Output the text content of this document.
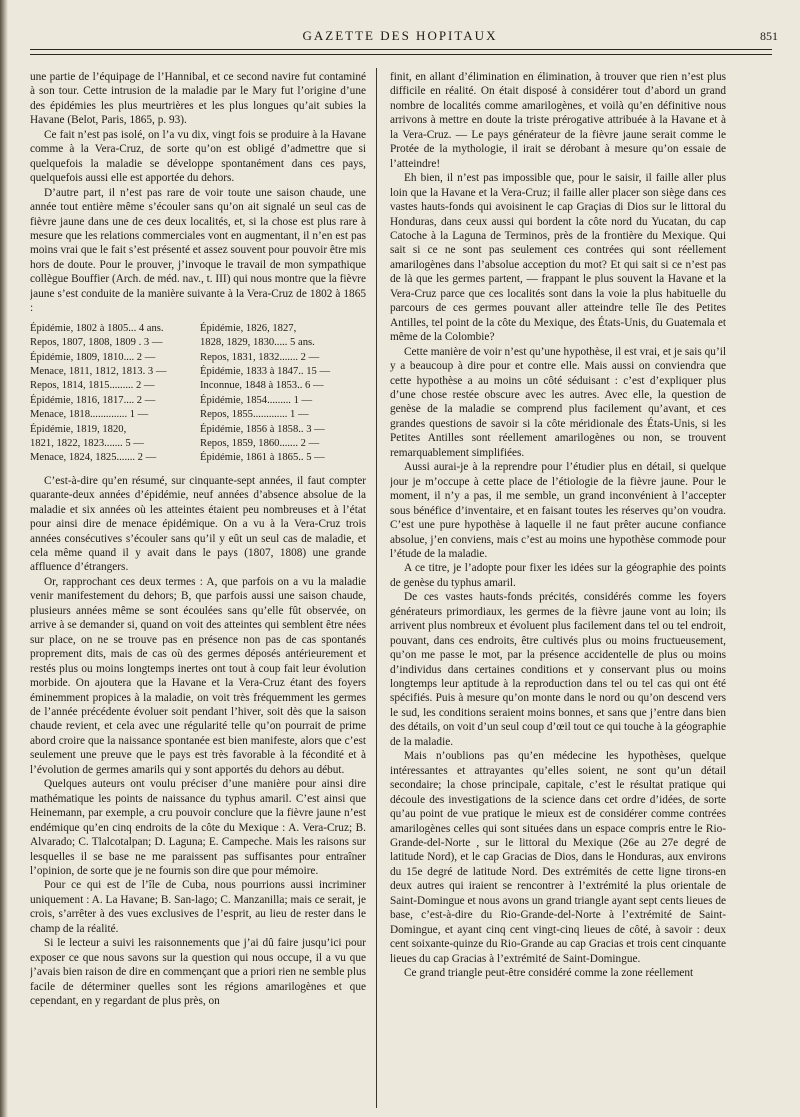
GAZETTE DES HOPITAUX	851

une partie de l’équipage de l’Hannibal, et ce second navire fut contaminé à son tour. Cette intrusion de la maladie par le Mary fut l’origine d’une des épidémies les plus meurtrières et les plus longues qu’ait subies la Havane (Belot, Paris, 1865, p. 93).

Ce fait n’est pas isolé, on l’a vu dix, vingt fois se produire à la Havane comme à la Vera-Cruz, de sorte qu’on est obligé d’admettre que si quelquefois la maladie se développe spontanément dans ces pays, quelquefois aussi elle est apportée du dehors.

D’autre part, il n’est pas rare de voir toute une saison chaude, une année tout entière même s’écouler sans qu’on ait signalé un seul cas de fièvre jaune dans une de ces deux localités, et, si la chose est plus rare à mesure que les relations commerciales vont en augmentant, il n’en est pas moins vrai que le fait s’est présenté et assez souvent pour pouvoir être mis hors de doute. Pour le prouver, j’invoque le travail de mon sympathique collègue Bouffier (Arch. de méd. nav., t. III) qui nous montre que la fièvre jaune s’est conduite de la manière suivante à la Vera-Cruz de 1802 à 1865 :

Épidémie, 1802 à 1805... 4 ans.
Repos, 1807, 1808, 1809 . 3 —
Épidémie, 1809, 1810.... 2 —
Menace, 1811, 1812, 1813. 3 —
Repos, 1814, 1815......... 2 —
Épidémie, 1816, 1817.... 2 —
Menace, 1818.............. 1 —
Épidémie, 1819, 1820,
1821, 1822, 1823....... 5 —
Menace, 1824, 1825....... 2 —
Épidémie, 1826, 1827,
1828, 1829, 1830..... 5 ans.
Repos, 1831, 1832....... 2 —
Épidémie, 1833 à 1847.. 15 —
Inconnue, 1848 à 1853.. 6 —
Épidémie, 1854......... 1 —
Repos, 1855............. 1 —
Épidémie, 1856 à 1858.. 3 —
Repos, 1859, 1860....... 2 —
Épidémie, 1861 à 1865.. 5 —

C’est-à-dire qu’en résumé, sur cinquante-sept années, il faut compter quarante-deux années d’épidémie, neuf années d’absence absolue de la maladie et six années où les atteintes étaient peu nombreuses et à l’état pour ainsi dire de menace épidémique. On a vu à la Vera-Cruz trois années consécutives s’écouler sans qu’il y eût un seul cas de maladie, et cela même quand il y avait dans le pays (1807, 1808) une grande affluence d’étrangers.

Or, rapprochant ces deux termes : A, que parfois on a vu la maladie venir manifestement du dehors; B, que parfois aussi une saison chaude, plusieurs années même se sont écoulées sans qu’elle fût observée, on arrive à se demander si, quand on voit des atteintes qui semblent être nées sur place, on ne se trouve pas en présence non pas de cas spontanés proprement dits, mais de cas où des germes déposés antérieurement et restés plus ou moins longtemps inertes ont tout à coup fait leur évolution morbide. On ajoutera que la Havane et la Vera-Cruz étant des foyers éminemment propices à la maladie, on voit très fréquemment les germes de l’année précédente évoluer soit pendant l’hiver, soit dès que la saison chaude revient, et cela avec une régularité telle qu’on pourrait de prime abord croire que la naissance spontanée est bien manifeste, alors que c’est seulement une preuve que le pays est très favorable à la fécondité et à l’évolution de germes amarils qui y sont apportés du dehors au début.

Quelques auteurs ont voulu préciser d’une manière pour ainsi dire mathématique les points de naissance du typhus amaril. C’est ainsi que Heinemann, par exemple, a cru pouvoir conclure que la fièvre jaune n’est endémique qu’en cinq endroits de la côte du Mexique : A. Vera-Cruz; B. Alvarado; C. Tlalcotalpan; D. Laguna; E. Campeche. Mais les raisons sur lesquelles il se base ne me paraissent pas suffisantes pour entraîner l’opinion, de sorte que je ne fournis son dire que pour mémoire.

Pour ce qui est de l’île de Cuba, nous pourrions aussi incriminer uniquement : A. La Havane; B. San-lago; C. Manzanilla; mais ce serait, je crois, s’arrêter à des vues exclusives de l’esprit, au lieu de rester dans le champ de la réalité.

Si le lecteur a suivi les raisonnements que j’ai dû faire jusqu’ici pour exposer ce que nous savons sur la question qui nous occupe, il a vu que j’avais bien raison de dire en commençant que a priori rien ne semble plus facile de déterminer quelles sont les régions amarilogènes et que cependant, en y regardant de plus près, on

finit, en allant d’élimination en élimination, à trouver que rien n’est plus difficile en réalité. On était disposé à considérer tout d’abord un grand nombre de localités comme amarilogènes, et voilà qu’en définitive nous arrivons à mettre en doute la triste prérogative attribuée à la Havane et à la Vera-Cruz. — Le pays générateur de la fièvre jaune serait comme le Protée de la mythologie, il irait se dérobant à mesure qu’on essaie de l’atteindre!

Eh bien, il n’est pas impossible que, pour le saisir, il faille aller plus loin que la Havane et la Vera-Cruz; il faille aller placer son siège dans ces vastes hauts-fonds qui avoisinent le cap Graçias di Dios sur le littoral du Honduras, dans ceux aussi qui bordent la côte nord du Yucatan, du cap Catoche à la Laguna de Terminos, près de la frontière du Mexique. Qui sait si ce ne sont pas seulement ces contrées qui sont réellement amarilogènes dans l’absolue acception du mot? Et qui sait si ce n’est pas de là que les germes partent, — frappant le plus souvent la Havane et la Vera-Cruz parce que ces localités sont dans la voie la plus habituelle du parcours de ces germes pouvant aller atteindre telle île des Petites Antilles, tel point de la côte du Mexique, des États-Unis, du Guatemala et même de la Colombie?

Cette manière de voir n’est qu’une hypothèse, il est vrai, et je sais qu’il y a beaucoup à dire pour et contre elle. Mais aussi on conviendra que cette hypothèse a au moins un côté séduisant : c’est d’expliquer plus d’une chose restée obscure avec les autres. Avec elle, la question de genèse de la maladie se comprend plus facilement qu’avant, et ces grandes questions de savoir si la côte méridionale des États-Unis, si les Petites Antilles sont réellement amarilogènes ou non, se trouvent remarquablement simplifiées.

Aussi aurai-je à la reprendre pour l’étudier plus en détail, si quelque jour je m’occupe à cette place de l’étiologie de la fièvre jaune. Pour le moment, il n’y a pas, il me semble, un grand inconvénient à l’accepter sous bénéfice d’inventaire, et en faisant toutes les réserves qu’on voudra. C’est une pure hypothèse à laquelle il ne faut prêter aucune confiance absolue, j’en conviens, mais c’est au moins une hypothèse commode pour l’étude de la maladie.

A ce titre, je l’adopte pour fixer les idées sur la géographie des points de genèse du typhus amaril.

De ces vastes hauts-fonds précités, considérés comme les foyers générateurs primordiaux, les germes de la fièvre jaune vont au loin; ils arrivent plus nombreux et évoluent plus facilement dans tel ou tel endroit, pouvant, dans ces endroits, être cultivés plus ou moins fructueusement, qu’on me passe le mot, par la présence accidentelle de plus ou moins d’individus dans certaines conditions et y conservant plus ou moins longtemps leur aptitude à la reproduction dans tel ou tel cas qui ont été spécifiés. Puis à mesure qu’on monte dans le nord ou qu’on descend vers le sud, les conditions seraient moins bonnes, et sans que j’entre dans bien des détails, on voit d’un seul coup d’œil tout ce qui touche à la géographie de la maladie.

Mais n’oublions pas qu’en médecine les hypothèses, quelque intéressantes et attrayantes qu’elles soient, ne sont qu’un détail secondaire; la chose principale, capitale, c’est le résultat pratique qui découle des investigations de la science dans cet ordre d’idées, de sorte qu’au point de vue pratique le mieux est de considérer comme contrées amarilogènes celles qui sont situées dans un espace compris entre le Rio-Grande-del-Norte , sur le littoral du Mexique (26e au 27e degré de latitude Nord), et le cap Gracias de Dios, dans le Honduras, aux environs du 15e degré de latitude Nord. Des extrémités de cette ligne tirons-en deux autres qui iraient se rencontrer à l’extrémité la plus orientale de Saint-Domingue et nous avons un grand triangle ayant sept cents lieues de base, c’est-à-dire du Rio-Grande-del-Norte à l’extrémité de Saint-Domingue, et ayant cinq cent vingt-cinq lieues de côté, à savoir : deux cent soixante-quinze du Rio-Grande au cap Gracias et trois cent cinquante lieues du cap Gracias à l’extrémité de Saint-Domingue.

Ce grand triangle peut-être considéré comme la zone réellement
